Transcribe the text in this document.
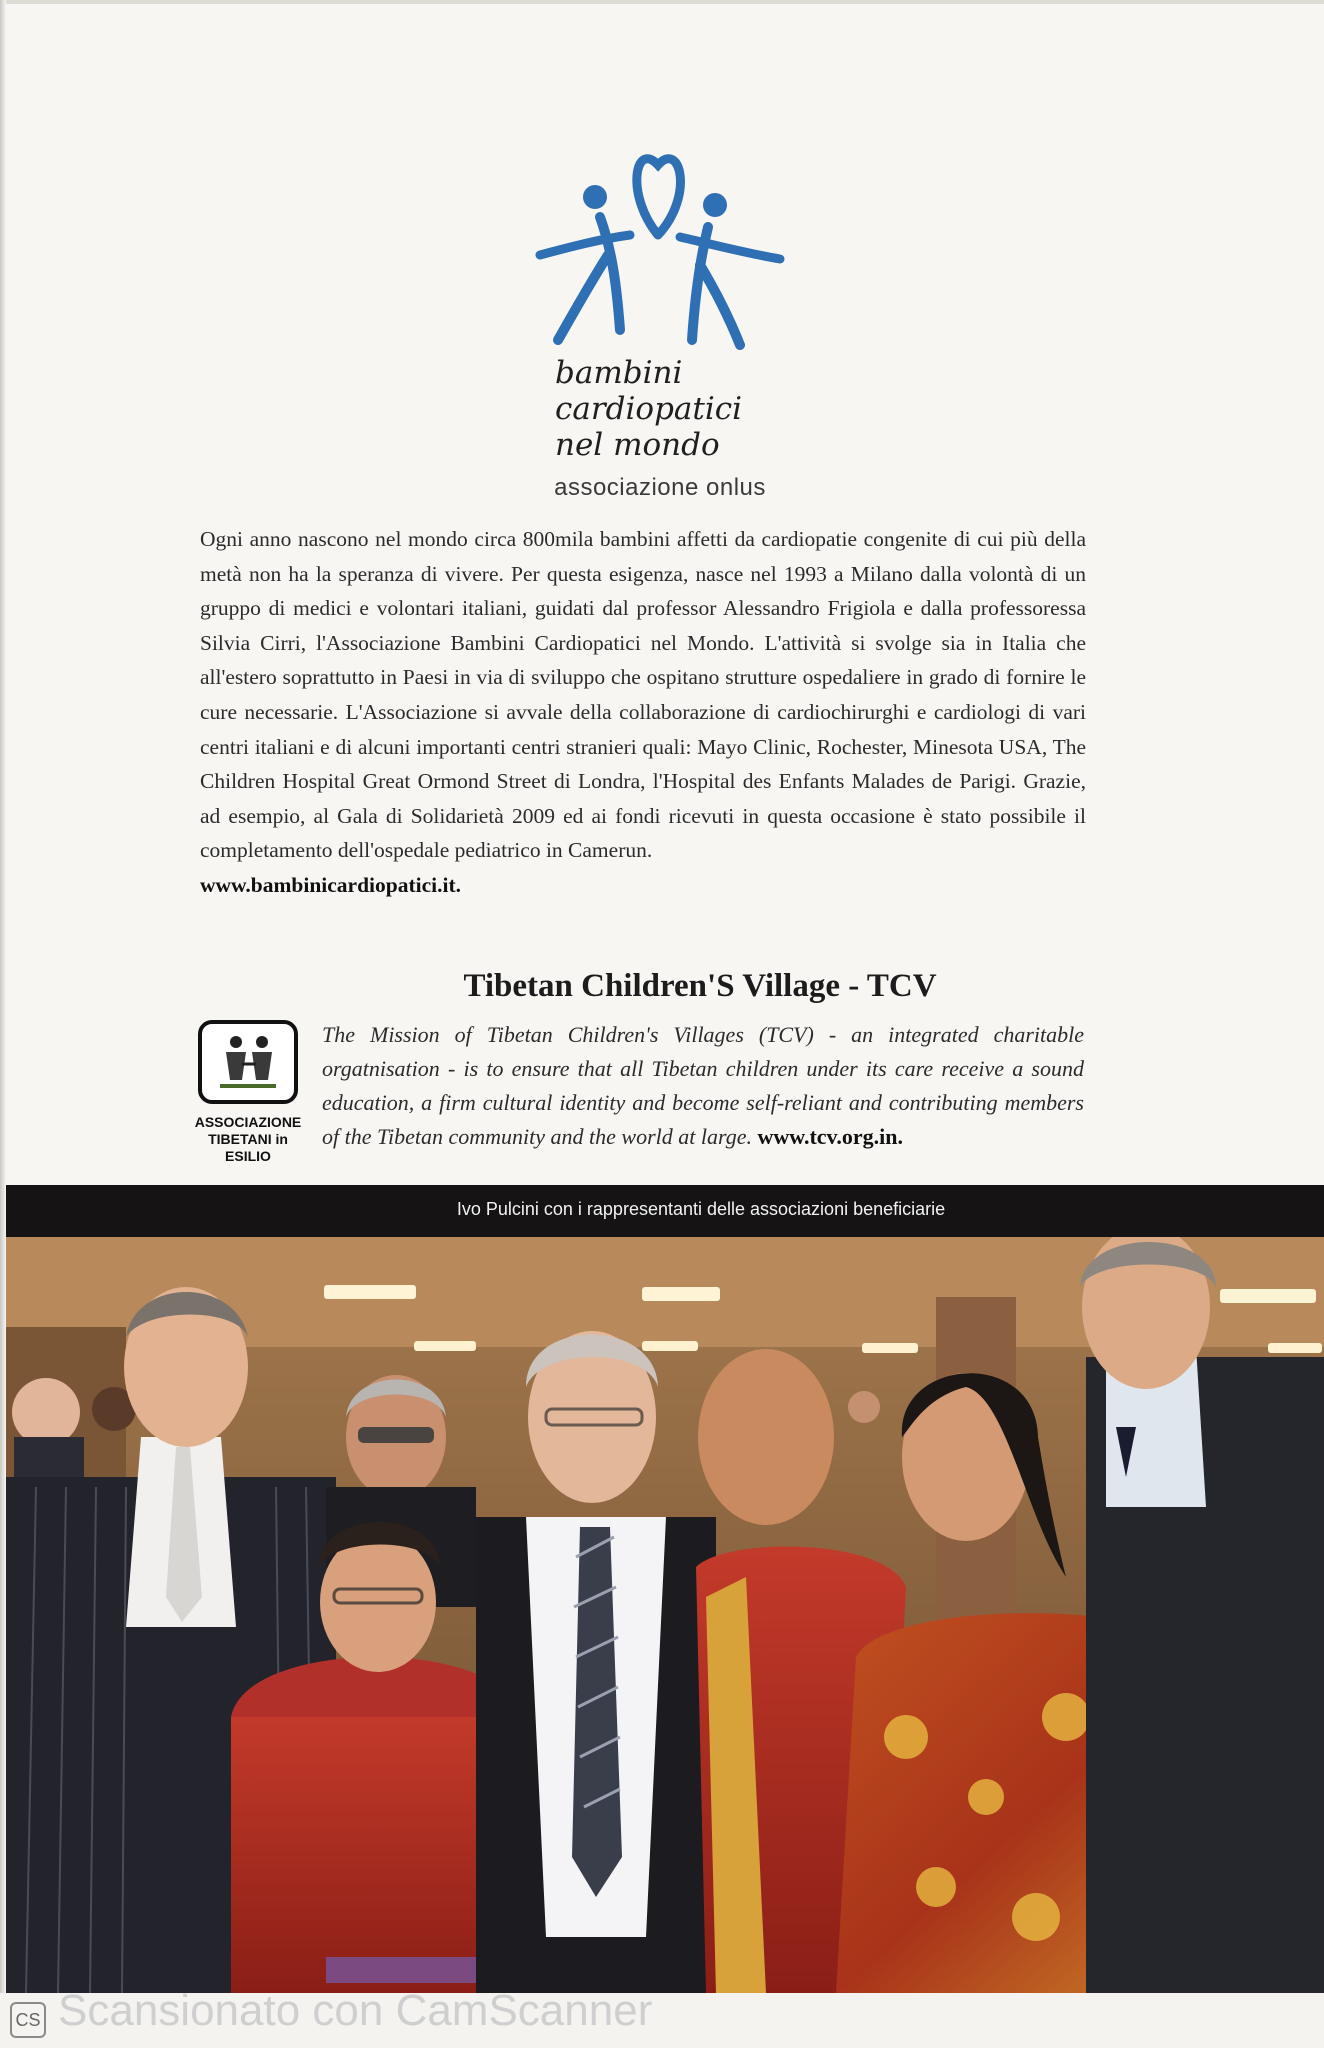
bambini
cardiopatici
nel mondo
associazione onlus
Ogni anno nascono nel mondo circa 800mila bambini affetti da cardiopatie congenite di cui più della metà non ha la speranza di vivere. Per questa esigenza, nasce nel 1993 a Milano dalla volontà di un gruppo di medici e volontari italiani, guidati dal professor Alessandro Frigiola e dalla professoressa Silvia Cirri, l'Associazione Bambini Cardiopatici nel Mondo. L'attività si svolge sia in Italia che all'estero soprattutto in Paesi in via di sviluppo che ospitano strutture ospedaliere in grado di fornire le cure necessarie. L'Associazione si avvale della collaborazione di cardiochirurghi e cardiologi di vari centri italiani e di alcuni importanti centri stranieri quali: Mayo Clinic, Rochester, Minesota USA, The Children Hospital Great Ormond Street di Londra, l'Hospital des Enfants Malades de Parigi. Grazie, ad esempio, al Gala di Solidarietà 2009 ed ai fondi ricevuti in questa occasione è stato possibile il completamento dell'ospedale pediatrico in Camerun.
www.bambinicardiopatici.it.
Tibetan Children'S Village - TCV
ASSOCIAZIONE
TIBETANI in ESILIO
The Mission of Tibetan Children's Villages (TCV) - an integrated charitable orgatnisation - is to ensure that all Tibetan children under its care receive a sound education, a firm cultural identity and become self-reliant and contributing members of the Tibetan community and the world at large. www.tcv.org.in.
Ivo Pulcini con i rappresentanti delle associazioni beneficiarie
CS Scansionato con CamScanner
